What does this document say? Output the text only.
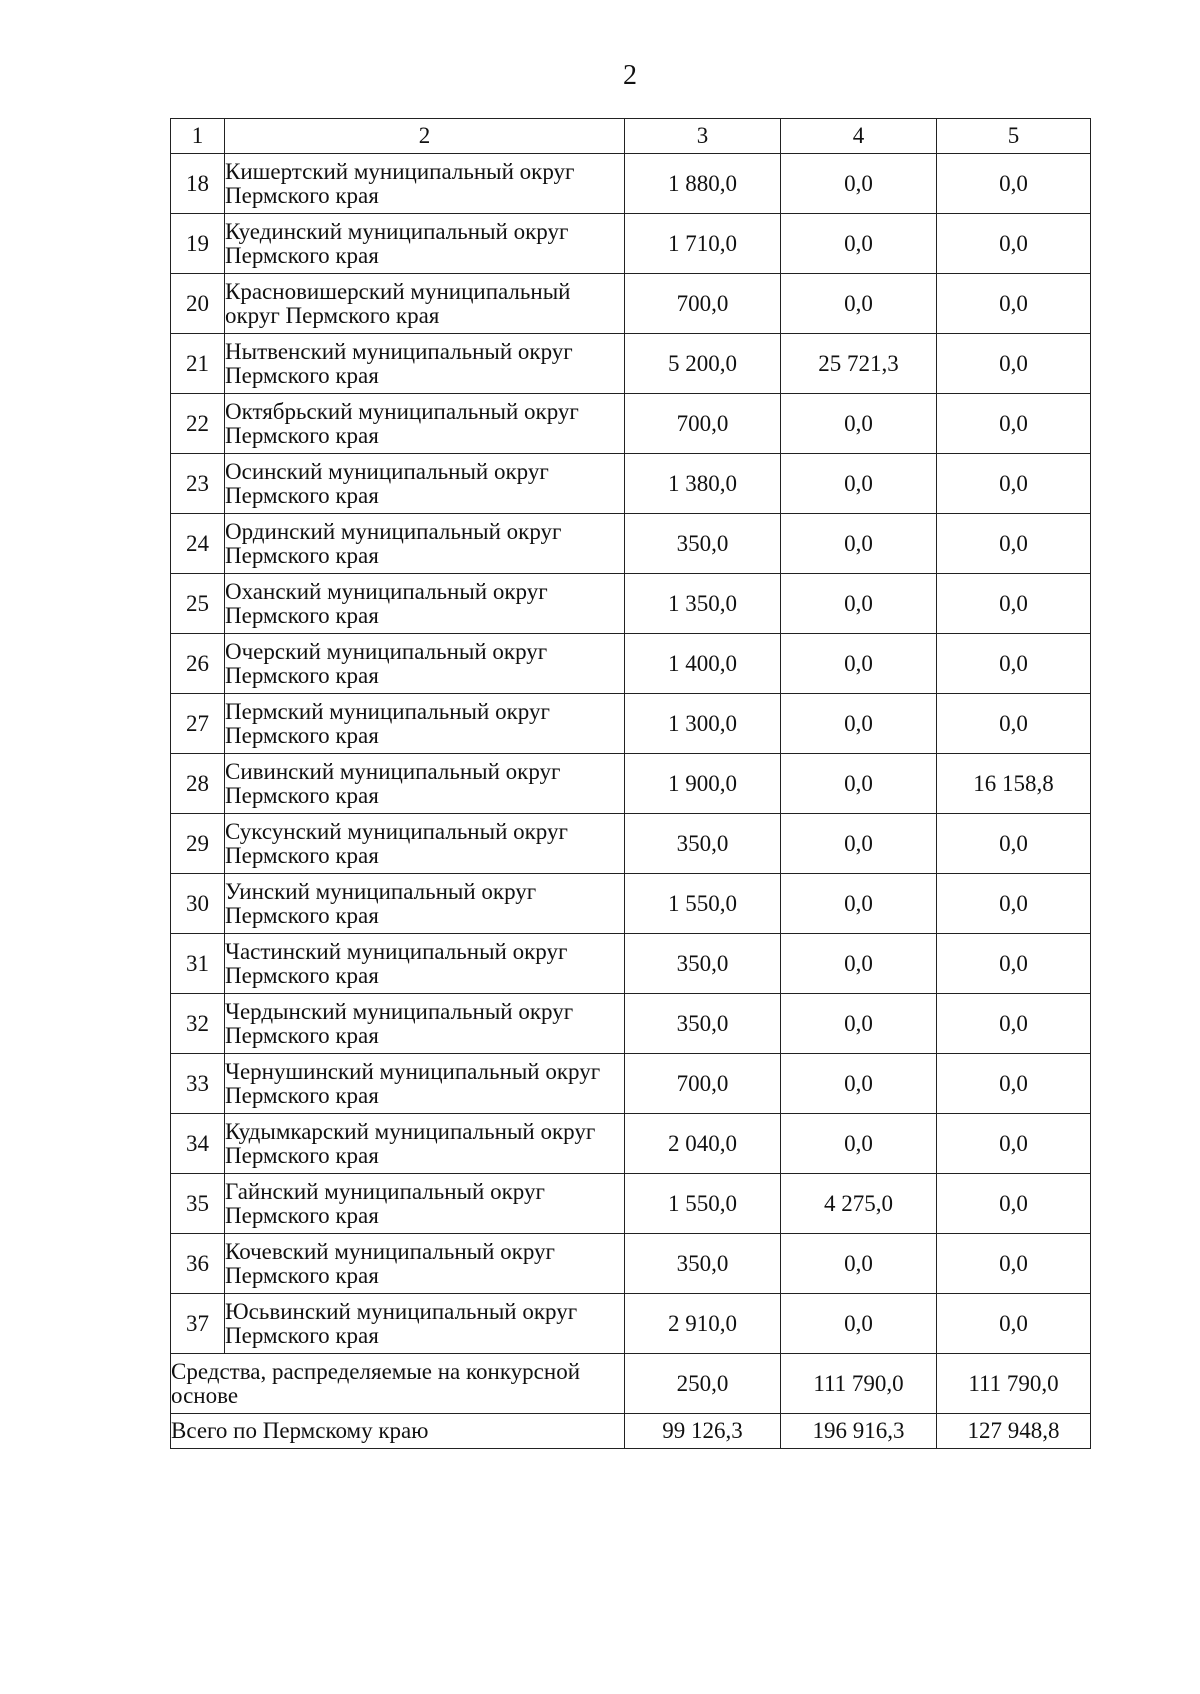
2
1	2	3	4	5
18	Кишертский муниципальный округ Пермского края	1 880,0	0,0	0,0
19	Куединский муниципальный округ Пермского края	1 710,0	0,0	0,0
20	Красновишерский муниципальный округ Пермского края	700,0	0,0	0,0
21	Нытвенский муниципальный округ Пермского края	5 200,0	25 721,3	0,0
22	Октябрьский муниципальный округ Пермского края	700,0	0,0	0,0
23	Осинский муниципальный округ Пермского края	1 380,0	0,0	0,0
24	Ординский муниципальный округ Пермского края	350,0	0,0	0,0
25	Оханский муниципальный округ Пермского края	1 350,0	0,0	0,0
26	Очерский муниципальный округ Пермского края	1 400,0	0,0	0,0
27	Пермский муниципальный округ Пермского края	1 300,0	0,0	0,0
28	Сивинский муниципальный округ Пермского края	1 900,0	0,0	16 158,8
29	Суксунский муниципальный округ Пермского края	350,0	0,0	0,0
30	Уинский муниципальный округ Пермского края	1 550,0	0,0	0,0
31	Частинский муниципальный округ Пермского края	350,0	0,0	0,0
32	Чердынский муниципальный округ Пермского края	350,0	0,0	0,0
33	Чернушинский муниципальный округ Пермского края	700,0	0,0	0,0
34	Кудымкарский муниципальный округ Пермского края	2 040,0	0,0	0,0
35	Гайнский муниципальный округ Пермского края	1 550,0	4 275,0	0,0
36	Кочевский муниципальный округ Пермского края	350,0	0,0	0,0
37	Юсьвинский муниципальный округ Пермского края	2 910,0	0,0	0,0
Средства, распределяемые на конкурсной основе		250,0	111 790,0	111 790,0
Всего по Пермскому краю		99 126,3	196 916,3	127 948,8
